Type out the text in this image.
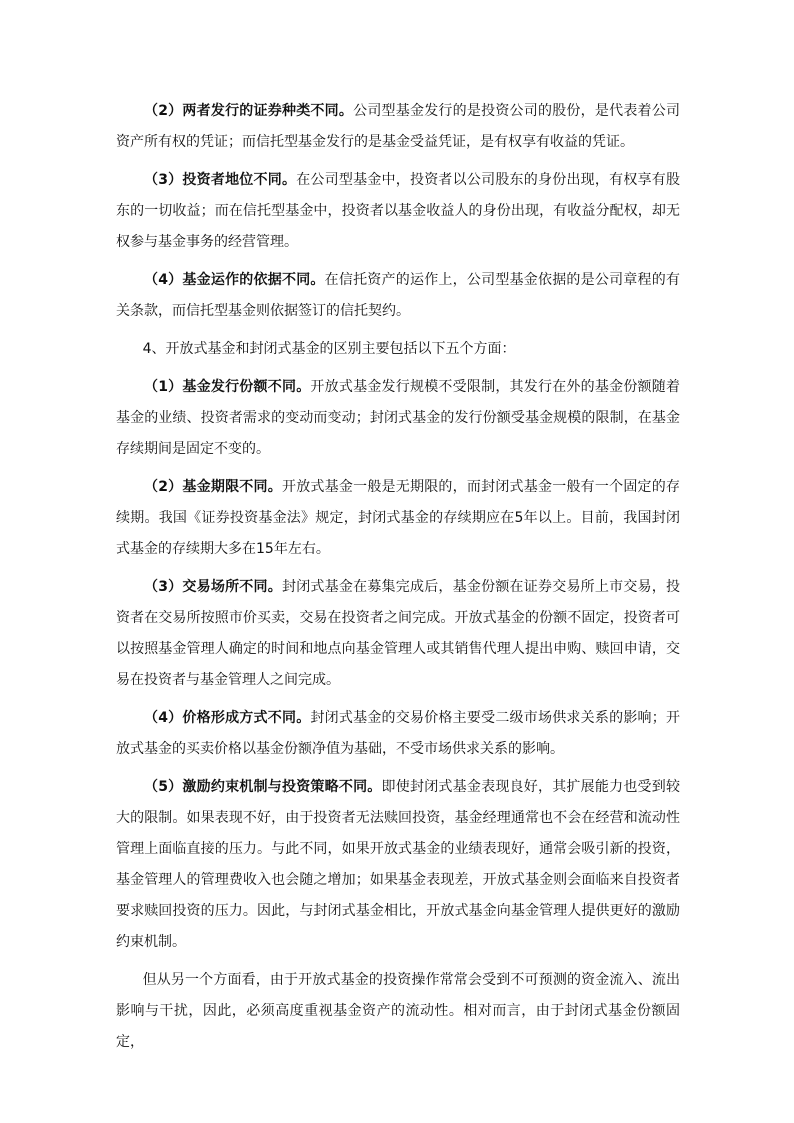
（2）两者发行的证券种类不同。公司型基金发行的是投资公司的股份，是代表着公司资产所有权的凭证；而信托型基金发行的是基金受益凭证，是有权享有收益的凭证。

（3）投资者地位不同。在公司型基金中，投资者以公司股东的身份出现，有权享有股东的一切收益；而在信托型基金中，投资者以基金收益人的身份出现，有收益分配权，却无权参与基金事务的经营管理。

（4）基金运作的依据不同。在信托资产的运作上，公司型基金依据的是公司章程的有关条款，而信托型基金则依据签订的信托契约。

4、开放式基金和封闭式基金的区别主要包括以下五个方面：

（1）基金发行份额不同。开放式基金发行规模不受限制，其发行在外的基金份额随着基金的业绩、投资者需求的变动而变动；封闭式基金的发行份额受基金规模的限制，在基金存续期间是固定不变的。

（2）基金期限不同。开放式基金一般是无期限的，而封闭式基金一般有一个固定的存续期。我国《证券投资基金法》规定，封闭式基金的存续期应在5年以上。目前，我国封闭式基金的存续期大多在15年左右。

（3）交易场所不同。封闭式基金在募集完成后，基金份额在证券交易所上市交易，投资者在交易所按照市价买卖，交易在投资者之间完成。开放式基金的份额不固定，投资者可以按照基金管理人确定的时间和地点向基金管理人或其销售代理人提出申购、赎回申请，交易在投资者与基金管理人之间完成。

（4）价格形成方式不同。封闭式基金的交易价格主要受二级市场供求关系的影响；开放式基金的买卖价格以基金份额净值为基础，不受市场供求关系的影响。

（5）激励约束机制与投资策略不同。即使封闭式基金表现良好，其扩展能力也受到较大的限制。如果表现不好，由于投资者无法赎回投资，基金经理通常也不会在经营和流动性管理上面临直接的压力。与此不同，如果开放式基金的业绩表现好，通常会吸引新的投资，基金管理人的管理费收入也会随之增加；如果基金表现差，开放式基金则会面临来自投资者要求赎回投资的压力。因此，与封闭式基金相比，开放式基金向基金管理人提供更好的激励约束机制。

但从另一个方面看，由于开放式基金的投资操作常常会受到不可预测的资金流入、流出影响与干扰，因此，必须高度重视基金资产的流动性。相对而言，由于封闭式基金份额固定，
